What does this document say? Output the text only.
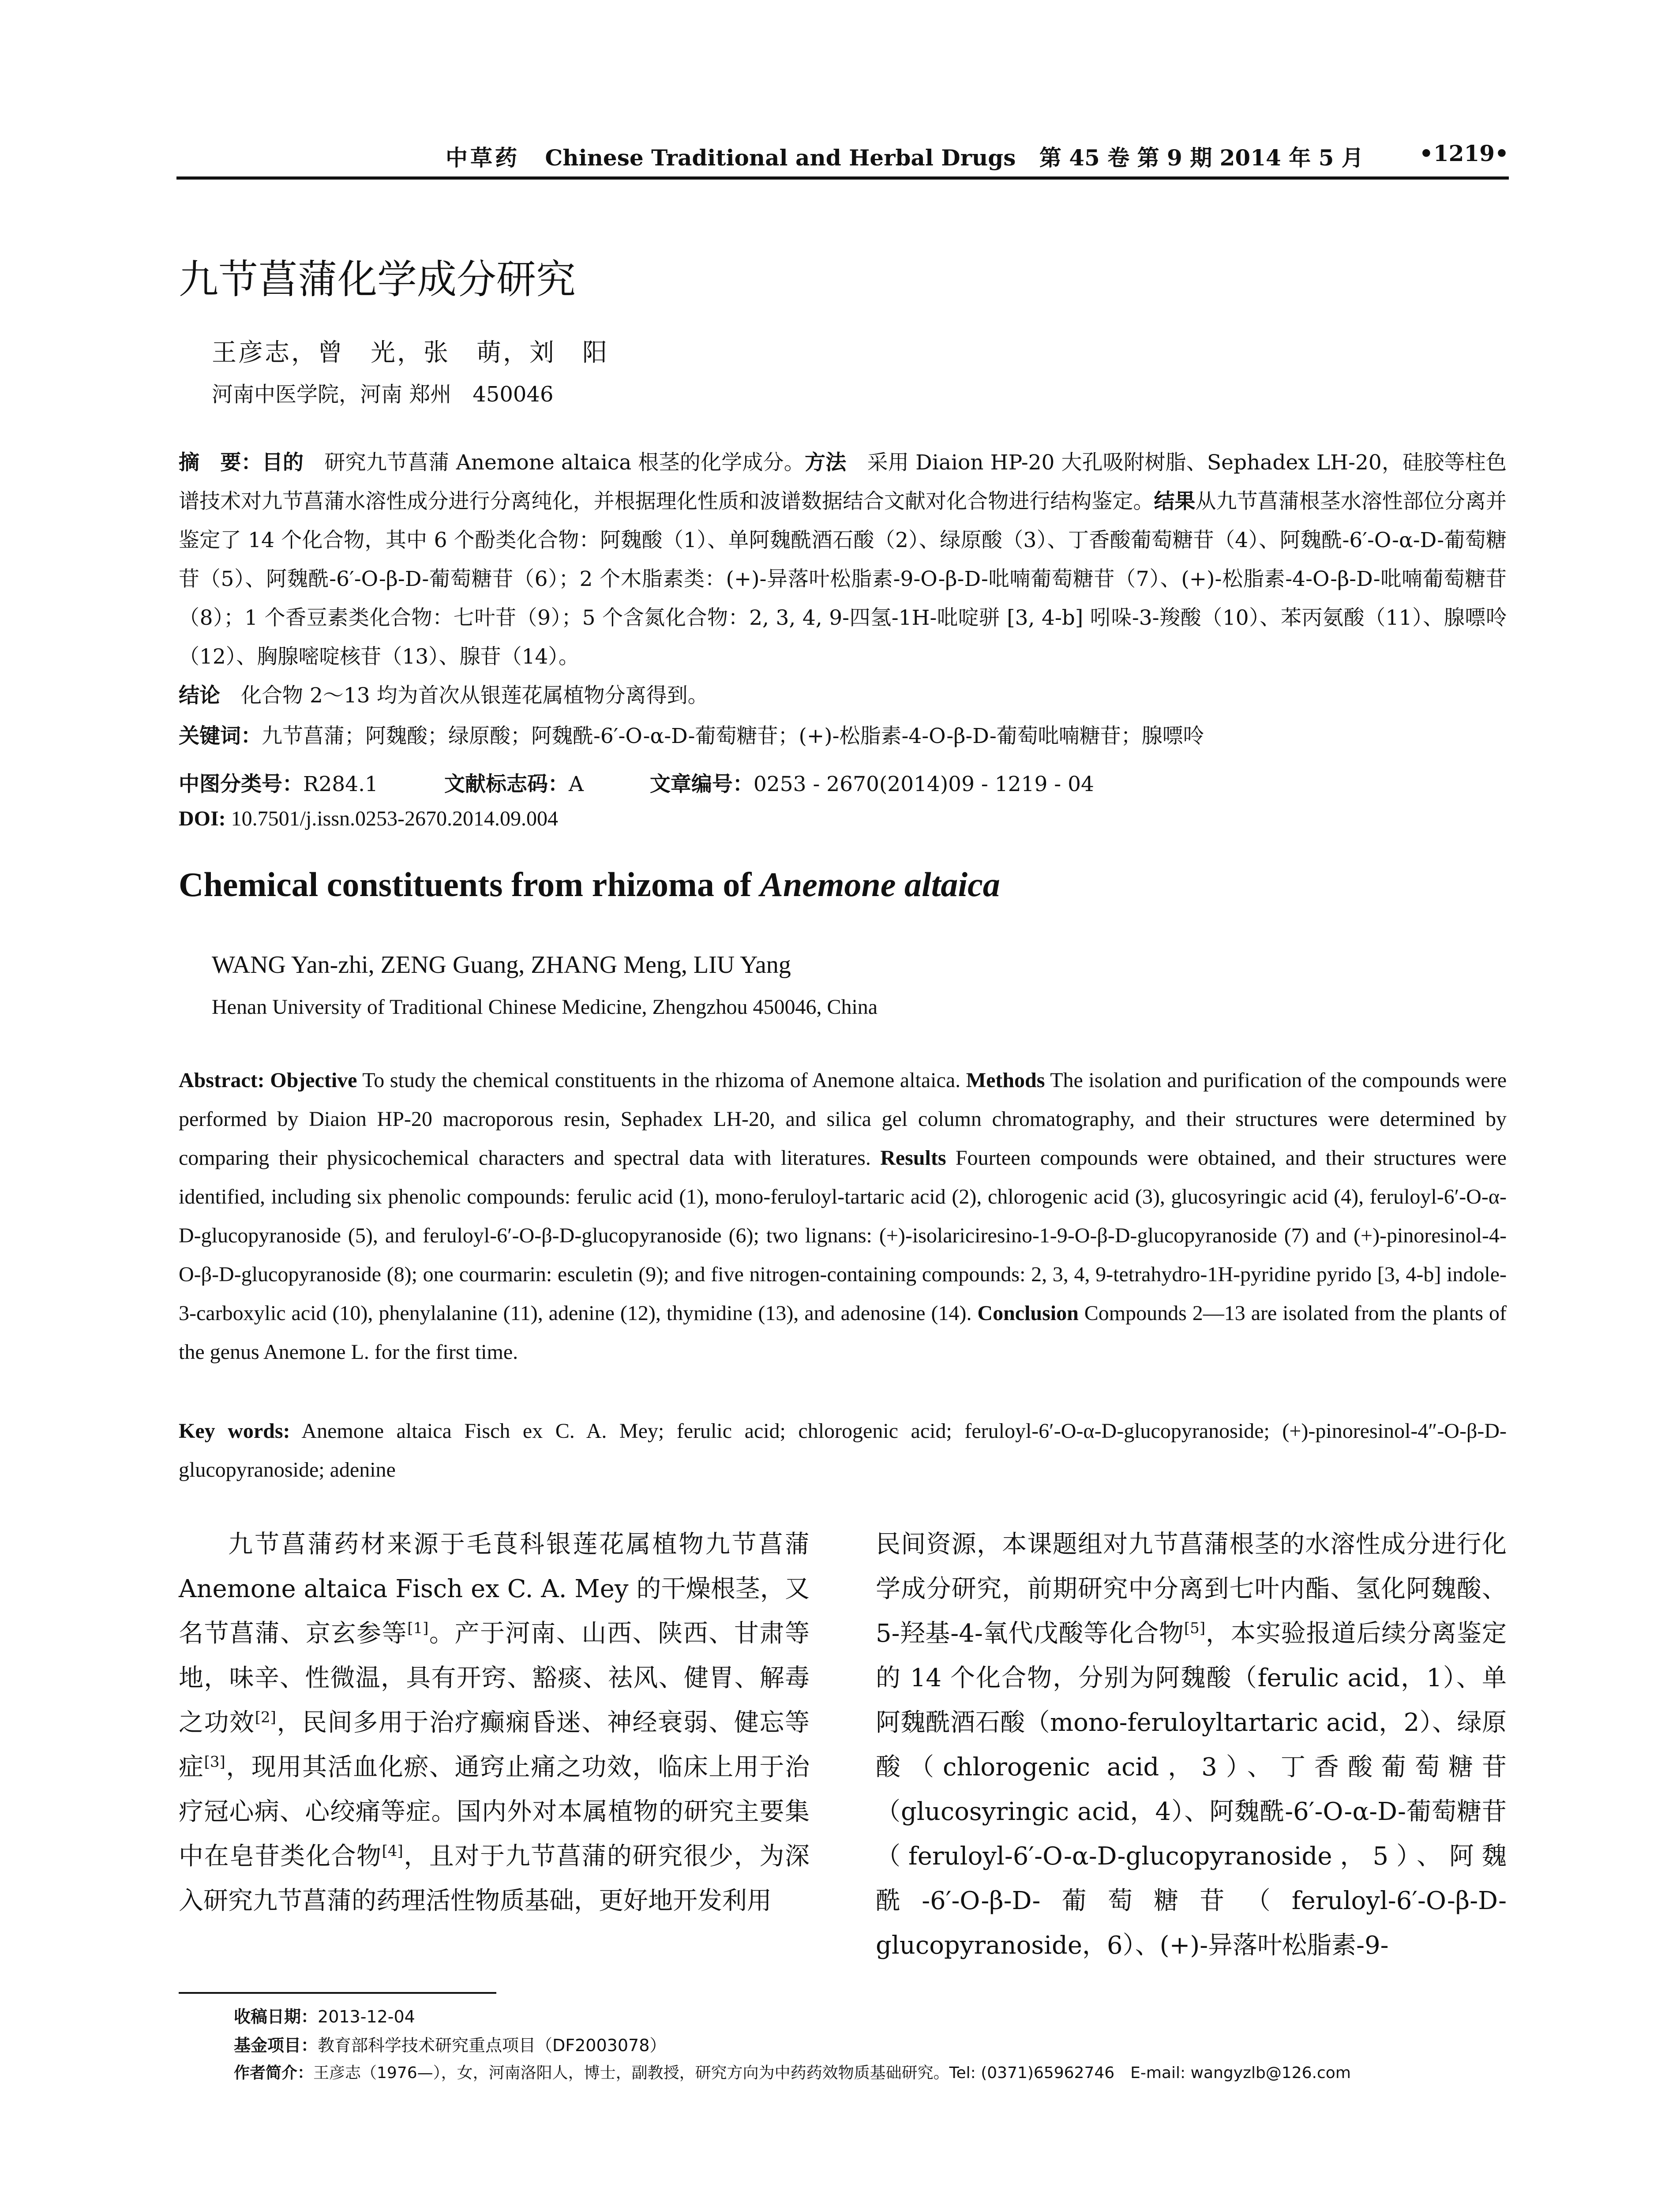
中草药 Chinese Traditional and Herbal Drugs 第 45 卷 第 9 期 2014 年 5 月	•1219•
九节菖蒲化学成分研究
王彦志，曾　光，张　萌，刘　阳
河南中医学院，河南 郑州　450046
摘　要：目的　研究九节菖蒲 Anemone altaica 根茎的化学成分。方法　采用 Diaion HP-20 大孔吸附树脂、Sephadex LH-20，硅胶等柱色谱技术对九节菖蒲水溶性成分进行分离纯化，并根据理化性质和波谱数据结合文献对化合物进行结构鉴定。结果从九节菖蒲根茎水溶性部位分离并鉴定了 14 个化合物，其中 6 个酚类化合物：阿魏酸（1）、单阿魏酰酒石酸（2）、绿原酸（3）、丁香酸葡萄糖苷（4）、阿魏酰-6′-O-α-D-葡萄糖苷（5）、阿魏酰-6′-O-β-D-葡萄糖苷（6）；2 个木脂素类：(+)-异落叶松脂素-9-O-β-D-吡喃葡萄糖苷（7）、(+)-松脂素-4-O-β-D-吡喃葡萄糖苷（8）；1 个香豆素类化合物：七叶苷（9）；5 个含氮化合物：2, 3, 4, 9-四氢-1H-吡啶骈 [3, 4-b] 吲哚-3-羧酸（10）、苯丙氨酸（11）、腺嘌呤（12）、胸腺嘧啶核苷（13）、腺苷（14）。
结论　化合物 2～13 均为首次从银莲花属植物分离得到。
关键词：九节菖蒲；阿魏酸；绿原酸；阿魏酰-6′-O-α-D-葡萄糖苷；(+)-松脂素-4-O-β-D-葡萄吡喃糖苷；腺嘌呤
中图分类号：R284.1	文献标志码：A	文章编号：0253 - 2670(2014)09 - 1219 - 04
DOI: 10.7501/j.issn.0253-2670.2014.09.004
Chemical constituents from rhizoma of Anemone altaica
WANG Yan-zhi, ZENG Guang, ZHANG Meng, LIU Yang
Henan University of Traditional Chinese Medicine, Zhengzhou 450046, China
Abstract: Objective To study the chemical constituents in the rhizoma of Anemone altaica. Methods The isolation and purification of the compounds were performed by Diaion HP-20 macroporous resin, Sephadex LH-20, and silica gel column chromatography, and their structures were determined by comparing their physicochemical characters and spectral data with literatures. Results Fourteen compounds were obtained, and their structures were identified, including six phenolic compounds: ferulic acid (1), mono-feruloyl-tartaric acid (2), chlorogenic acid (3), glucosyringic acid (4), feruloyl-6′-O-α-D-glucopyranoside (5), and feruloyl-6′-O-β-D-glucopyranoside (6); two lignans: (+)-isolariciresino-1-9-O-β-D-glucopyranoside (7) and (+)-pinoresinol-4-O-β-D-glucopyranoside (8); one courmarin: esculetin (9); and five nitrogen-containing compounds: 2, 3, 4, 9-tetrahydro-1H-pyridine pyrido [3, 4-b] indole-3-carboxylic acid (10), phenylalanine (11), adenine (12), thymidine (13), and adenosine (14). Conclusion Compounds 2—13 are isolated from the plants of the genus Anemone L. for the first time.
Key words: Anemone altaica Fisch ex C. A. Mey; ferulic acid; chlorogenic acid; feruloyl-6′-O-α-D-glucopyranoside; (+)-pinoresinol-4″-O-β-D-glucopyranoside; adenine
九节菖蒲药材来源于毛茛科银莲花属植物九节菖蒲 Anemone altaica Fisch ex C. A. Mey 的干燥根茎，又名节菖蒲、京玄参等[1]。产于河南、山西、陕西、甘肃等地，味辛、性微温，具有开窍、豁痰、祛风、健胃、解毒之功效[2]，民间多用于治疗癫痫昏迷、神经衰弱、健忘等症[3]，现用其活血化瘀、通窍止痛之功效，临床上用于治疗冠心病、心绞痛等症。国内外对本属植物的研究主要集中在皂苷类化合物[4]，且对于九节菖蒲的研究很少，为深入研究九节菖蒲的药理活性物质基础，更好地开发利用
民间资源，本课题组对九节菖蒲根茎的水溶性成分进行化学成分研究，前期研究中分离到七叶内酯、氢化阿魏酸、5-羟基-4-氧代戊酸等化合物[5]，本实验报道后续分离鉴定的 14 个化合物，分别为阿魏酸（ferulic acid，1）、单阿魏酰酒石酸（mono-feruloyltartaric acid，2）、绿原酸（chlorogenic acid，3）、丁香酸葡萄糖苷（glucosyringic acid，4）、阿魏酰-6′-O-α-D-葡萄糖苷（feruloyl-6′-O-α-D-glucopyranoside，5）、阿魏酰-6′-O-β-D-葡萄糖苷（feruloyl-6′-O-β-D-glucopyranoside，6）、(+)-异落叶松脂素-9-
收稿日期：2013-12-04
基金项目：教育部科学技术研究重点项目（DF2003078）
作者简介：王彦志（1976—），女，河南洛阳人，博士，副教授，研究方向为中药药效物质基础研究。Tel: (0371)65962746　E-mail: wangyzlb@126.com
